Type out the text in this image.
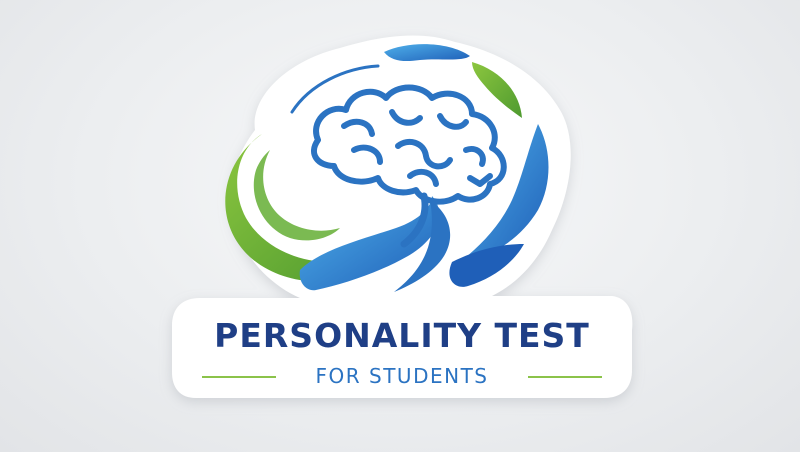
PERSONALITY TEST
FOR STUDENTS
